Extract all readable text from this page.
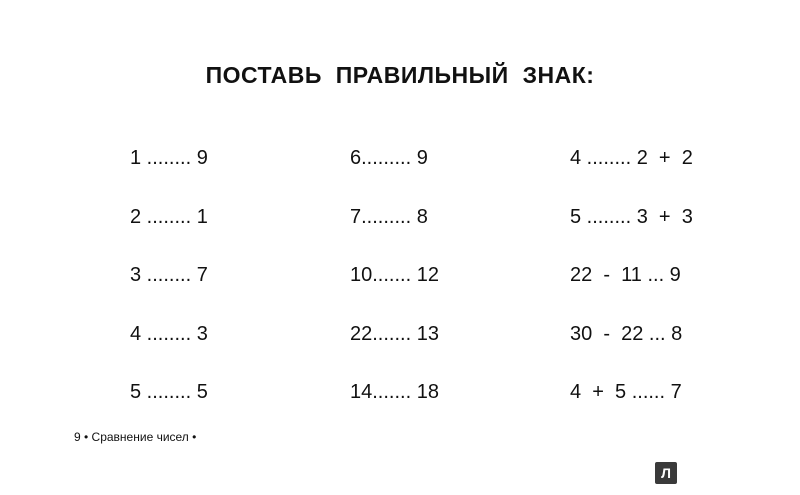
ПОСТАВЬ ПРАВИЛЬНЫЙ ЗНАК:
1 ........ 9
2 ........ 1
3 ........ 7
4 ........ 3
5 ........ 5
6......... 9
7......... 8
10....... 12
22....... 13
14....... 18
4 ........ 2  +  2
5 ........ 3  +  3
22  -  11 ... 9
30  -  22 ... 8
4  +  5 ...... 7
9 • Сравнение чисел •
Л
